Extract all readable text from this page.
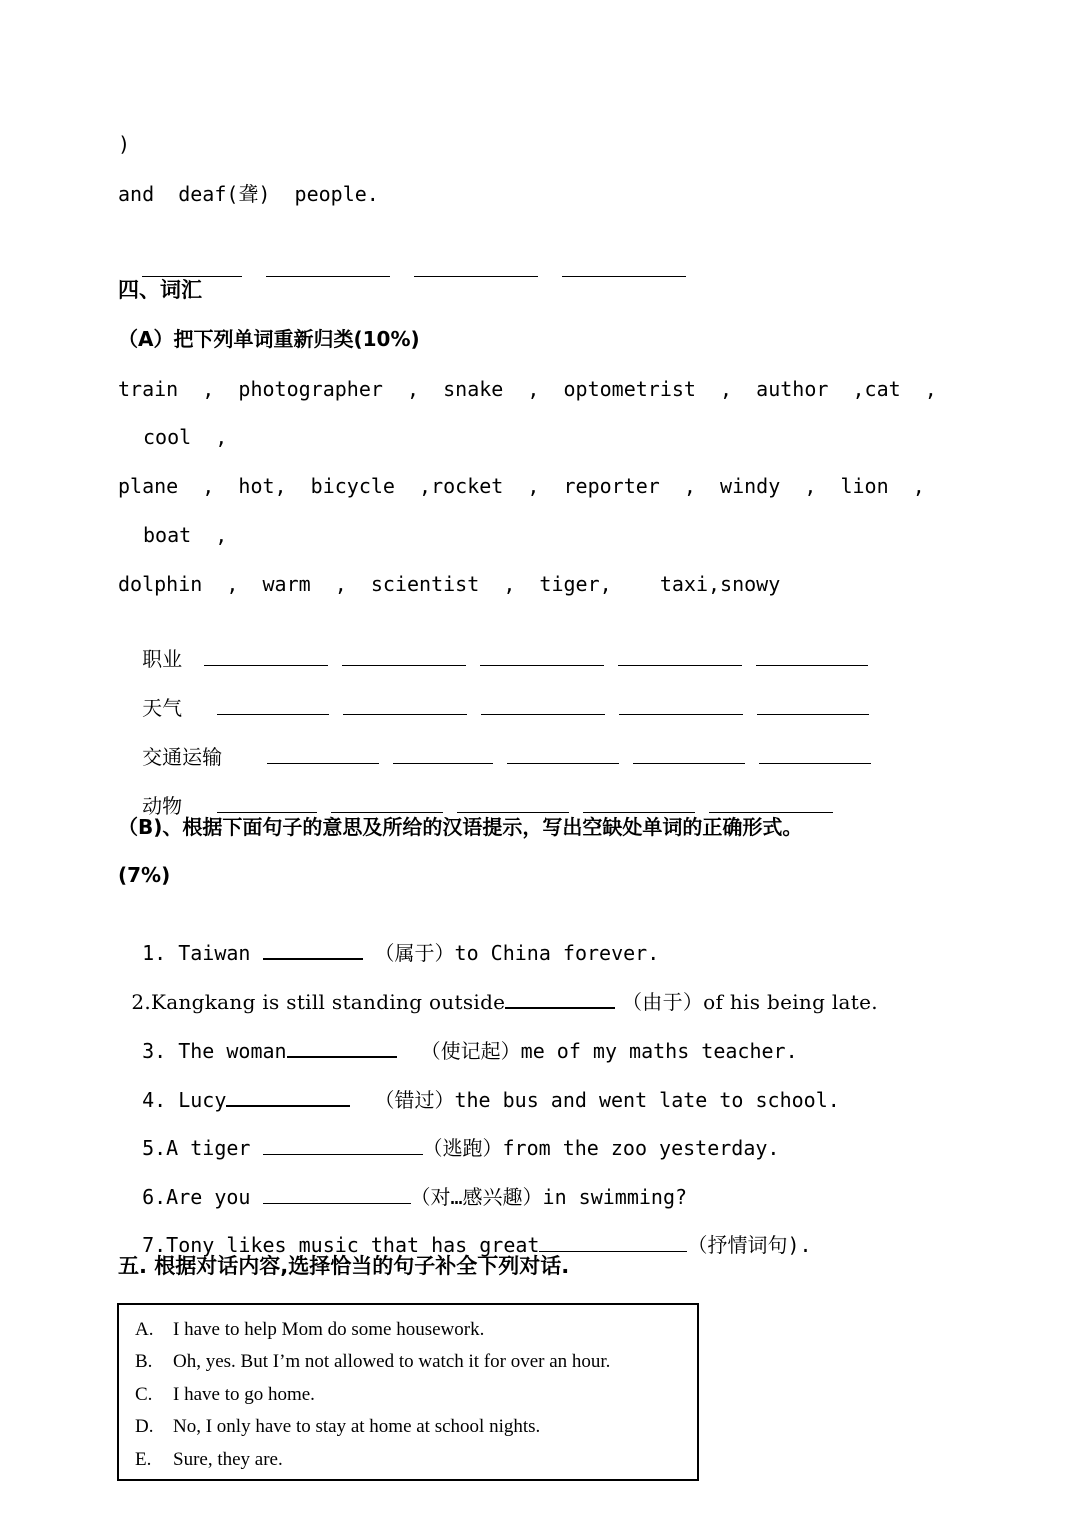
)
and  deaf(聋)  people.

四、词汇
（A）把下列单词重新归类(10%)
train  ,  photographer  ,  snake  ,  optometrist  ,  author  ,cat  ,
cool  ,
plane  ,  hot,  bicycle  ,rocket  ,  reporter  ,  windy  ,  lion  ,
boat  ,
dolphin  ,  warm  ,  scientist  ,  tiger,    taxi,snowy

职业

天气

交通运输

动物

（B)、根据下面句子的意思及所给的汉语提示，写出空缺处单词的正确形式。
(7%)

1. Taiwan	（属于）to China forever.

2.Kangkang is still standing outside	（由于）of his being late.

3. The woman	（使记起）me of my maths teacher.

4. Lucy	（错过）the bus and went late to school.

5.A tiger	（逃跑）from the zoo yesterday.

6.Are you	（对…感兴趣）in swimming?

7.Tony likes music that has great	（抒情词句).

五. 根据对话内容,选择恰当的句子补全下列对话.
A. I have to help Mom do some housework.
B. Oh, yes. But I’m not allowed to watch it for over an hour.
C. I have to go home.
D. No, I only have to stay at home at school nights.
E. Sure, they are.
